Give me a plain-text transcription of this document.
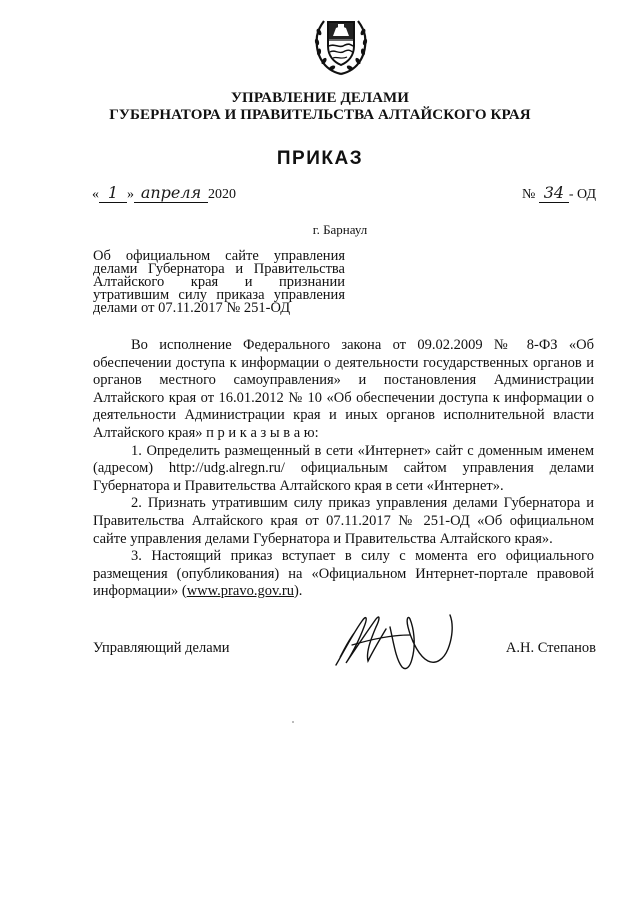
УПРАВЛЕНИЕ ДЕЛАМИ
ГУБЕРНАТОРА И ПРАВИТЕЛЬСТВА АЛТАЙСКОГО КРАЯ
ПРИКАЗ
« 1 » апреля 2020	№ 34 - ОД
г. Барнаул
Об официальном сайте управления делами Губернатора и Правительства Алтайского края и признании утратившим силу приказа управления делами от 07.11.2017 № 251-ОД

Во исполнение Федерального закона от 09.02.2009 № 8-ФЗ «Об обеспечении доступа к информации о деятельности государственных органов и органов местного самоуправления» и постановления Администрации Алтайского края от 16.01.2012 № 10 «Об обеспечении доступа к информации о деятельности Администрации края и иных органов исполнительной власти Алтайского края» п р и к а з ы в а ю:

1. Определить размещенный в сети «Интернет» сайт с доменным именем (адресом) http://udg.alregn.ru/ официальным сайтом управления делами Губернатора и Правительства Алтайского края в сети «Интернет».

2. Признать утратившим силу приказ управления делами Губернатора и Правительства Алтайского края от 07.11.2017 № 251-ОД «Об официальном сайте управления делами Губернатора и Правительства Алтайского края».

3. Настоящий приказ вступает в силу с момента его официального размещения (опубликования) на «Официальном Интернет-портале правовой информации» (www.pravo.gov.ru).

Управляющий делами	А.Н. Степанов
